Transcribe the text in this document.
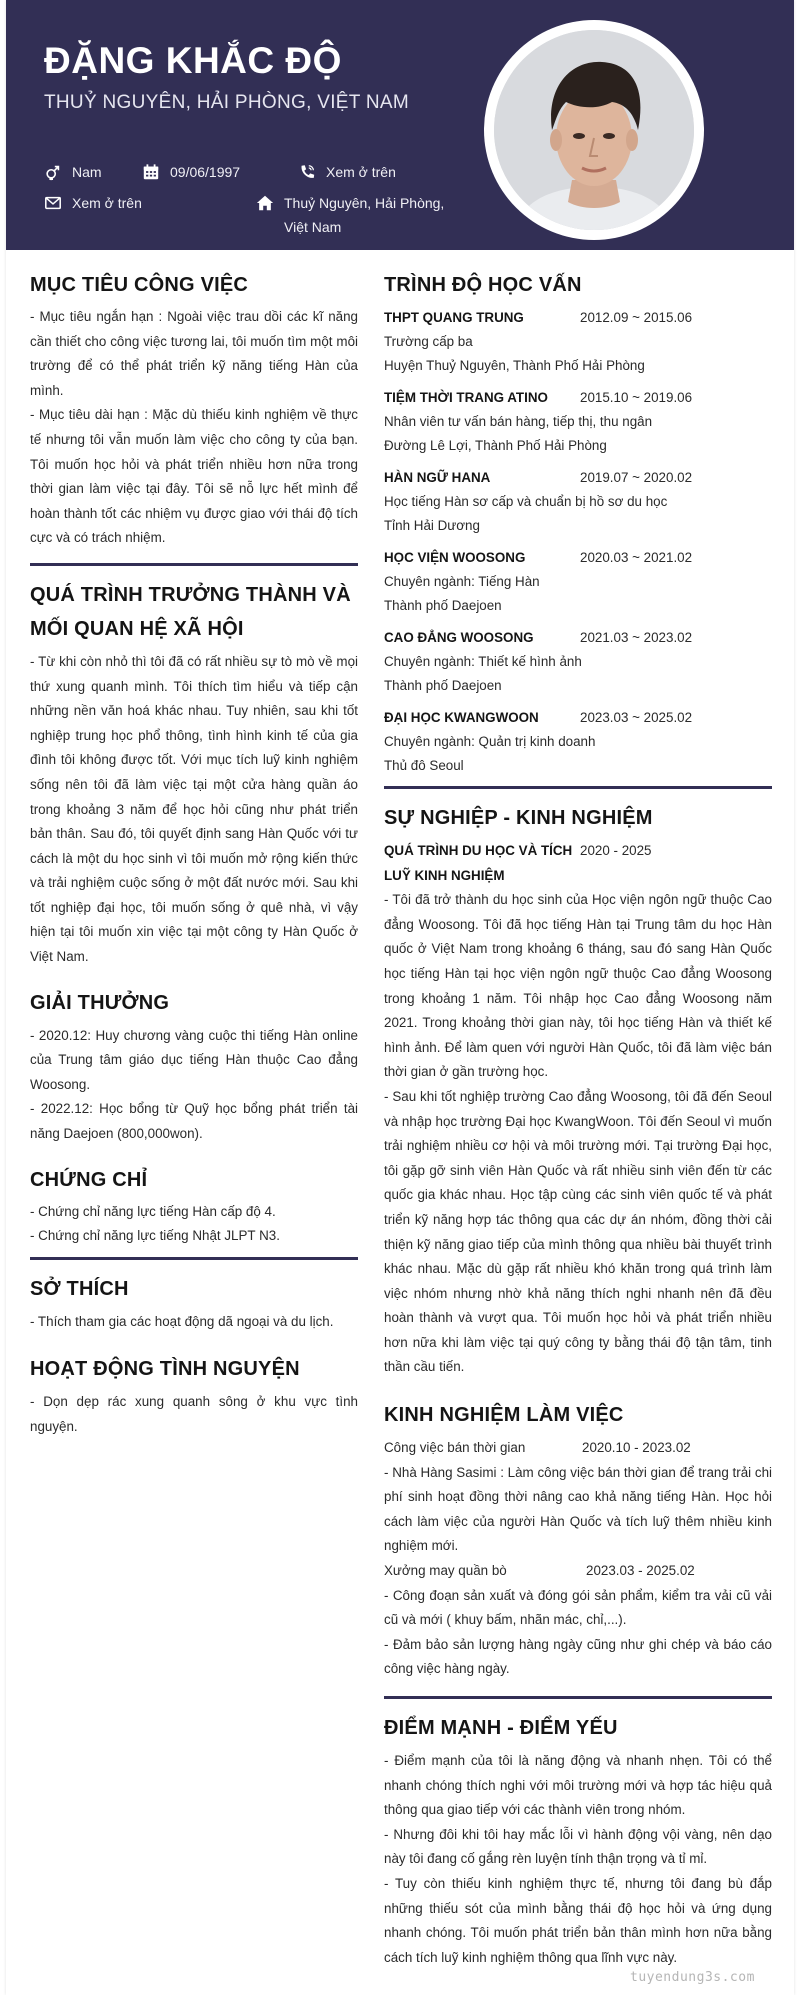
ĐẶNG KHẮC ĐỘ
THUỶ NGUYÊN, HẢI PHÒNG, VIỆT NAM
Nam	09/06/1997	Xem ở trên
Xem ở trên	Thuỷ Nguyên, Hải Phòng,
Việt Nam
MỤC TIÊU CÔNG VIỆC

- Mục tiêu ngắn hạn : Ngoài việc trau dồi các kĩ năng cần thiết cho công việc tương lai, tôi muốn tìm một môi trường để có thể phát triển kỹ năng tiếng Hàn của mình.

- Mục tiêu dài hạn : Mặc dù thiếu kinh nghiệm về thực tế nhưng tôi vẫn muốn làm việc cho công ty của bạn. Tôi muốn học hỏi và phát triển nhiều hơn nữa trong thời gian làm việc tại đây. Tôi sẽ nỗ lực hết mình để hoàn thành tốt các nhiệm vụ được giao với thái độ tích cực và có trách nhiệm.

QUÁ TRÌNH TRƯỞNG THÀNH VÀ
MỐI QUAN HỆ XÃ HỘI
- Từ khi còn nhỏ thì tôi đã có rất nhiều sự tò mò về mọi thứ xung quanh mình. Tôi thích tìm hiểu và tiếp cận những nền văn hoá khác nhau. Tuy nhiên, sau khi tốt nghiệp trung học phổ thông, tình hình kinh tế của gia đình tôi không được tốt. Với mục tích luỹ kinh nghiệm sống nên tôi đã làm việc tại một cửa hàng quần áo trong khoảng 3 năm để học hỏi cũng như phát triển bản thân. Sau đó, tôi quyết định sang Hàn Quốc với tư cách là một du học sinh vì tôi muốn mở rộng kiến thức và trải nghiệm cuộc sống ở một đất nước mới. Sau khi tốt nghiệp đại học, tôi muốn sống ở quê nhà, vì vậy hiện tại tôi muốn xin việc tại một công ty Hàn Quốc ở Việt Nam.
GIẢI THƯỞNG

- 2020.12: Huy chương vàng cuộc thi tiếng Hàn online của Trung tâm giáo dục tiếng Hàn thuộc Cao đẳng Woosong.

- 2022.12: Học bổng từ Quỹ học bổng phát triển tài năng Daejoen (800,000won).

CHỨNG CHỈ

- Chứng chỉ năng lực tiếng Hàn cấp độ 4.

- Chứng chỉ năng lực tiếng Nhật JLPT N3.

SỞ THÍCH
- Thích tham gia các hoạt động dã ngoại và du lịch.
HOẠT ĐỘNG TÌNH NGUYỆN
- Dọn dẹp rác xung quanh sông ở khu vực tình nguyện.
TRÌNH ĐỘ HỌC VẤN
THPT QUANG TRUNG	2012.09 ~ 2015.06
Trường cấp ba
Huyện Thuỷ Nguyên, Thành Phố Hải Phòng
TIỆM THỜI TRANG ATINO	2015.10 ~ 2019.06
Nhân viên tư vấn bán hàng, tiếp thị, thu ngân
Đường Lê Lợi, Thành Phố Hải Phòng
HÀN NGỮ HANA	2019.07 ~ 2020.02
Học tiếng Hàn sơ cấp và chuẩn bị hồ sơ du học
Tỉnh Hải Dương
HỌC VIỆN WOOSONG	2020.03 ~ 2021.02
Chuyên ngành: Tiếng Hàn
Thành phố Daejoen
CAO ĐẲNG WOOSONG	2021.03 ~ 2023.02
Chuyên ngành: Thiết kế hình ảnh
Thành phố Daejoen
ĐẠI HỌC KWANGWOON	2023.03 ~ 2025.02
Chuyên ngành: Quản trị kinh doanh
Thủ đô Seoul
SỰ NGHIỆP - KINH NGHIỆM
QUÁ TRÌNH DU HỌC VÀ TÍCH 2020 - 2025
LUỸ KINH NGHIỆM

- Tôi đã trở thành du học sinh của Học viện ngôn ngữ thuộc Cao đẳng Woosong. Tôi đã học tiếng Hàn tại Trung tâm du học Hàn quốc ở Việt Nam trong khoảng 6 tháng, sau đó sang Hàn Quốc học tiếng Hàn tại học viện ngôn ngữ thuộc Cao đẳng Woosong trong khoảng 1 năm. Tôi nhập học Cao đẳng Woosong năm 2021. Trong khoảng thời gian này, tôi học tiếng Hàn và thiết kế hình ảnh. Để làm quen với người Hàn Quốc, tôi đã làm việc bán thời gian ở gần trường học.

- Sau khi tốt nghiệp trường Cao đẳng Woosong, tôi đã đến Seoul và nhập học trường Đại học KwangWoon. Tôi đến Seoul vì muốn trải nghiệm nhiều cơ hội và môi trường mới. Tại trường Đại học, tôi gặp gỡ sinh viên Hàn Quốc và rất nhiều sinh viên đến từ các quốc gia khác nhau. Học tập cùng các sinh viên quốc tế và phát triển kỹ năng hợp tác thông qua các dự án nhóm, đồng thời cải thiện kỹ năng giao tiếp của mình thông qua nhiều bài thuyết trình khác nhau. Mặc dù gặp rất nhiều khó khăn trong quá trình làm việc nhóm nhưng nhờ khả năng thích nghi nhanh nên đã đều hoàn thành và vượt qua. Tôi muốn học hỏi và phát triển nhiều hơn nữa khi làm việc tại quý công ty bằng thái độ tận tâm, tinh thần cầu tiến.

KINH NGHIỆM LÀM VIỆC
Công việc bán thời gian	2020.10 - 2023.02

- Nhà Hàng Sasimi : Làm công việc bán thời gian để trang trải chi phí sinh hoạt đồng thời nâng cao khả năng tiếng Hàn. Học hỏi cách làm việc của người Hàn Quốc và tích luỹ thêm nhiều kinh nghiệm mới.

Xưởng may quần bò	2023.03 - 2025.02

- Công đoạn sản xuất và đóng gói sản phẩm, kiểm tra vải cũ vải cũ và mới ( khuy bấm, nhãn mác, chỉ,...).

- Đảm bảo sản lượng hàng ngày cũng như ghi chép và báo cáo công việc hàng ngày.

ĐIỂM MẠNH - ĐIỂM YẾU

- Điểm mạnh của tôi là năng động và nhanh nhẹn. Tôi có thể nhanh chóng thích nghi với môi trường mới và hợp tác hiệu quả thông qua giao tiếp với các thành viên trong nhóm.

- Nhưng đôi khi tôi hay mắc lỗi vì hành động vội vàng, nên dạo này tôi đang cố gắng rèn luyện tính thận trọng và tỉ mỉ.

- Tuy còn thiếu kinh nghiệm thực tế, nhưng tôi đang bù đắp những thiếu sót của mình bằng thái độ học hỏi và ứng dụng nhanh chóng. Tôi muốn phát triển bản thân mình hơn nữa bằng cách tích luỹ kinh nghiệm thông qua lĩnh vực này.

tuyendung3s.com
